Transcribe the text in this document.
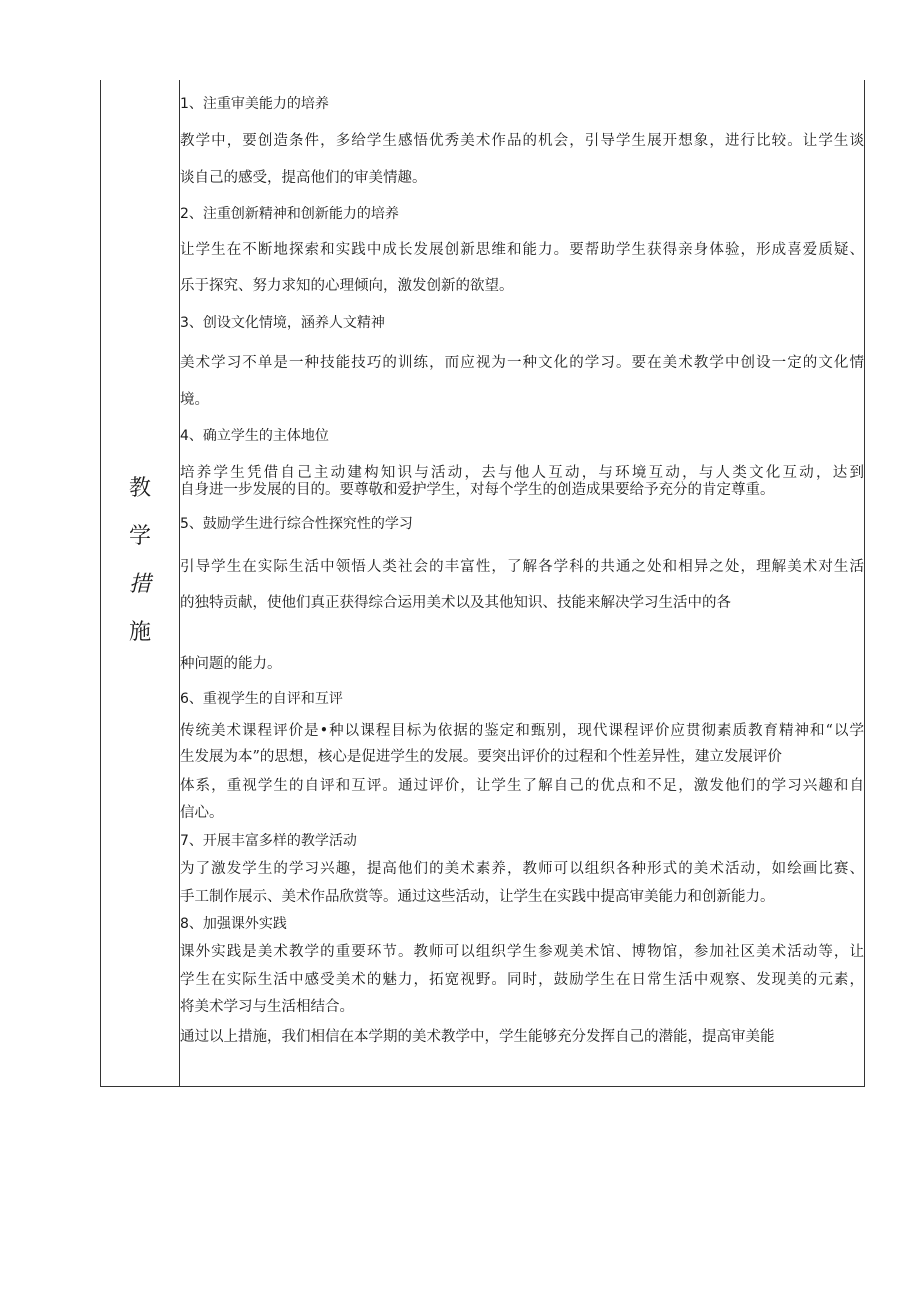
教
学
措
施
1、注重审美能力的培养
教学中，要创造条件，多给学生感悟优秀美术作品的机会，引导学生展开想象，进行比较。让学生谈
谈自己的感受，提高他们的审美情趣。
2、注重创新精神和创新能力的培养
让学生在不断地探索和实践中成长发展创新思维和能力。要帮助学生获得亲身体验，形成喜爱质疑、
乐于探究、努力求知的心理倾向，激发创新的欲望。
3、创设文化情境，涵养人文精神
美术学习不单是一种技能技巧的训练，而应视为一种文化的学习。要在美术教学中创设一定的文化情
境。
4、确立学生的主体地位
培养学生凭借自己主动建构知识与活动，去与他人互动，与环境互动，与人类文化互动，达到
自身进一步发展的目的。要尊敬和爱护学生，对每个学生的创造成果要给予充分的肯定尊重。
5、鼓励学生进行综合性探究性的学习
引导学生在实际生活中领悟人类社会的丰富性，了解各学科的共通之处和相异之处，理解美术对生活
的独特贡献，使他们真正获得综合运用美术以及其他知识、技能来解决学习生活中的各
种问题的能力。
6、重视学生的自评和互评
传统美术课程评价是•种以课程目标为依据的鉴定和甄别，现代课程评价应贯彻素质教育精神和“以学
生发展为本”的思想，核心是促进学生的发展。要突出评价的过程和个性差异性，建立发展评价
体系，重视学生的自评和互评。通过评价，让学生了解自己的优点和不足，激发他们的学习兴趣和自
信心。
7、开展丰富多样的教学活动
为了激发学生的学习兴趣，提高他们的美术素养，教师可以组织各种形式的美术活动，如绘画比赛、
手工制作展示、美术作品欣赏等。通过这些活动，让学生在实践中提高审美能力和创新能力。
8、加强课外实践
课外实践是美术教学的重要环节。教师可以组织学生参观美术馆、博物馆，参加社区美术活动等，让
学生在实际生活中感受美术的魅力，拓宽视野。同时，鼓励学生在日常生活中观察、发现美的元素，
将美术学习与生活相结合。
通过以上措施，我们相信在本学期的美术教学中，学生能够充分发挥自己的潜能，提高审美能
